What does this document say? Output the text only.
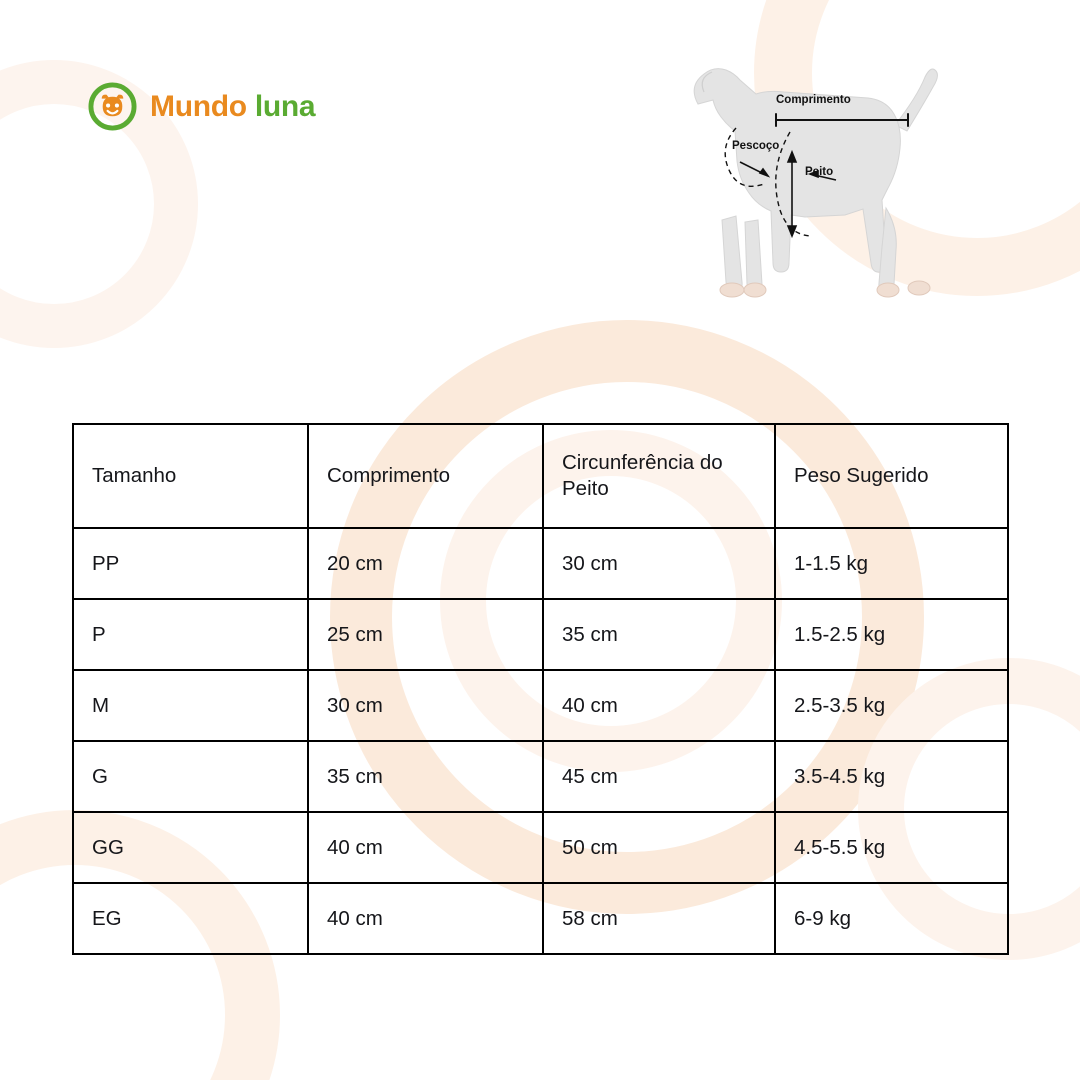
Mundo luna	Comprimento
Pescoço
Peito
Tamanho	Comprimento	Circunferência do Peito	Peso Sugerido
PP	20 cm	30 cm	1-1.5 kg
P	25 cm	35 cm	1.5-2.5 kg
M	30 cm	40 cm	2.5-3.5 kg
G	35 cm	45 cm	3.5-4.5 kg
GG	40 cm	50 cm	4.5-5.5 kg
EG	40 cm	58 cm	6-9 kg
